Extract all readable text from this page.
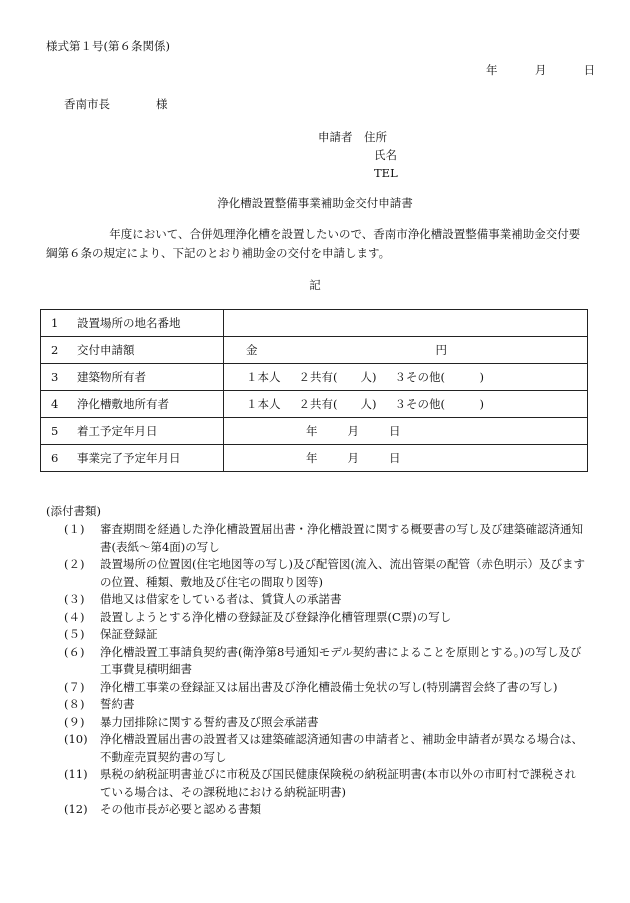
様式第１号(第６条関係)
年	月	日
香南市長	様
申請者　 住所
氏名
TEL
浄化槽設置整備事業補助金交付申請書
年度において、合併処理浄化槽を設置したいので、香南市浄化槽設置整備事業補助金交付要綱第６条の規定により、下記のとおり補助金の交付を申請します。
記
1 設置場所の地名番地	
2 交付申請額	金 円
3 建築物所有者	１本人 ２共有(　　人) ３その他(　　　)
4 浄化槽敷地所有者	１本人 ２共有(　　人) ３その他(　　　)
5 着工予定年月日	年 月 日
6 事業完了予定年月日	年 月 日
(添付書類)
(１) 審査期間を経過した浄化槽設置届出書・浄化槽設置に関する概要書の写し及び建築確認済通知書(表紙～第4面)の写し
(２) 設置場所の位置図(住宅地図等の写し)及び配管図(流入、流出管渠の配管（赤色明示）及びますの位置、種類、敷地及び住宅の間取り図等)
(３) 借地又は借家をしている者は、賃貸人の承諾書
(４) 設置しようとする浄化槽の登録証及び登録浄化槽管理票(C票)の写し
(５) 保証登録証
(６) 浄化槽設置工事請負契約書(衛浄第8号通知モデル契約書によることを原則とする。)の写し及び工事費見積明細書
(７) 浄化槽工事業の登録証又は届出書及び浄化槽設備士免状の写し(特別講習会終了書の写し)
(８) 誓約書
(９) 暴力団排除に関する誓約書及び照会承諾書
(10) 浄化槽設置届出書の設置者又は建築確認済通知書の申請者と、補助金申請者が異なる場合は、不動産売買契約書の写し
(11) 県税の納税証明書並びに市税及び国民健康保険税の納税証明書(本市以外の市町村で課税されている場合は、その課税地における納税証明書)
(12) その他市長が必要と認める書類
